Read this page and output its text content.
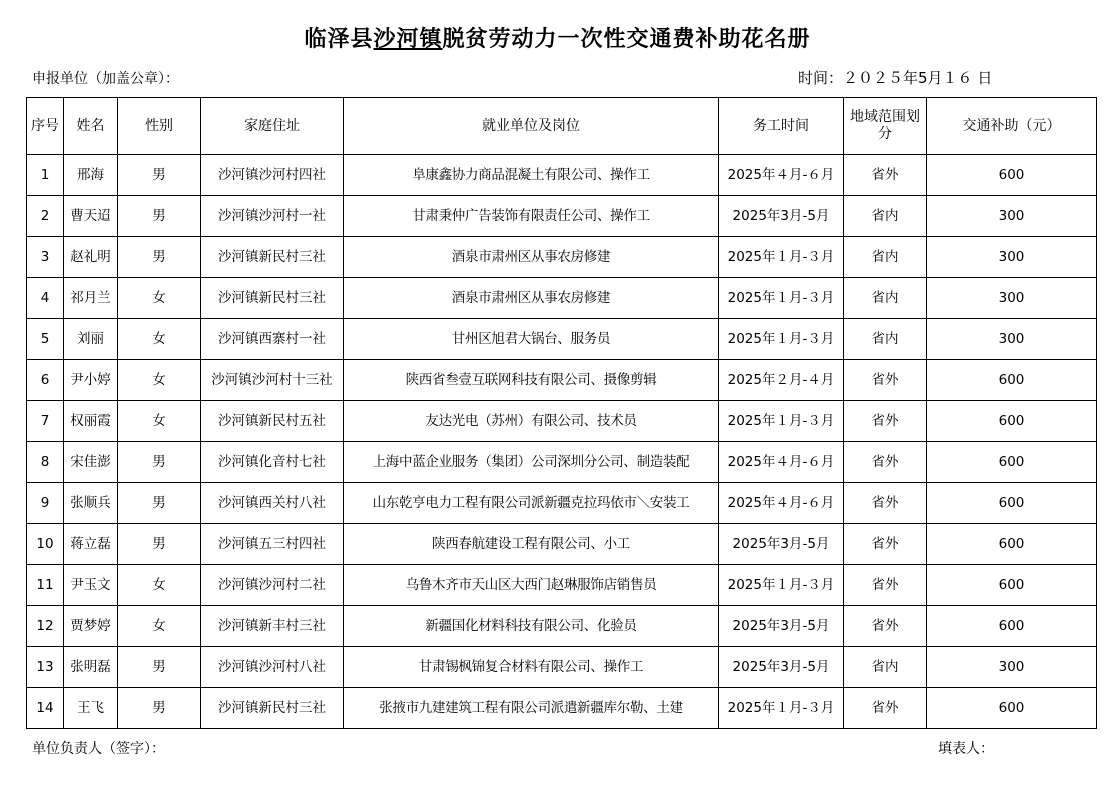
临泽县沙河镇脱贫劳动力一次性交通费补助花名册
申报单位（加盖公章）：	时间：２０２５年5月１６ 日
序号	姓名	性别	家庭住址	就业单位及岗位	务工时间	地域范围划分	交通补助（元）
1	邢海	男	沙河镇沙河村四社	阜康鑫协力商品混凝土有限公司、操作工	2025年４月-６月	省外	600
2	曹天迢	男	沙河镇沙河村一社	甘肃秉仲广告装饰有限责任公司、操作工	2025年3月-5月	省内	300
3	赵礼明	男	沙河镇新民村三社	酒泉市肃州区从事农房修建	2025年１月-３月	省内	300
4	祁月兰	女	沙河镇新民村三社	酒泉市肃州区从事农房修建	2025年１月-３月	省内	300
5	刘丽	女	沙河镇西寨村一社	甘州区旭君大锅台、服务员	2025年１月-３月	省内	300
6	尹小婷	女	沙河镇沙河村十三社	陕西省叁壹互联网科技有限公司、摄像剪辑	2025年２月-４月	省外	600
7	权丽霞	女	沙河镇新民村五社	友达光电（苏州）有限公司、技术员	2025年１月-３月	省外	600
8	宋佳澎	男	沙河镇化音村七社	上海中蓝企业服务（集团）公司深圳分公司、制造装配	2025年４月-６月	省外	600
9	张顺兵	男	沙河镇西关村八社	山东乾亨电力工程有限公司派新疆克拉玛依市＼安装工	2025年４月-６月	省外	600
10	蒋立磊	男	沙河镇五三村四社	陕西春航建设工程有限公司、小工	2025年3月-5月	省外	600
11	尹玉文	女	沙河镇沙河村二社	乌鲁木齐市天山区大西门赵琳服饰店销售员	2025年１月-３月	省外	600
12	贾梦婷	女	沙河镇新丰村三社	新疆国化材料科技有限公司、化验员	2025年3月-5月	省外	600
13	张明磊	男	沙河镇沙河村八社	甘肃锡枫锦复合材料有限公司、操作工	2025年3月-5月	省内	300
14	王飞	男	沙河镇新民村三社	张掖市九建建筑工程有限公司派遣新疆库尔勒、土建	2025年１月-３月	省外	600
单位负责人（签字）：	填表人：
